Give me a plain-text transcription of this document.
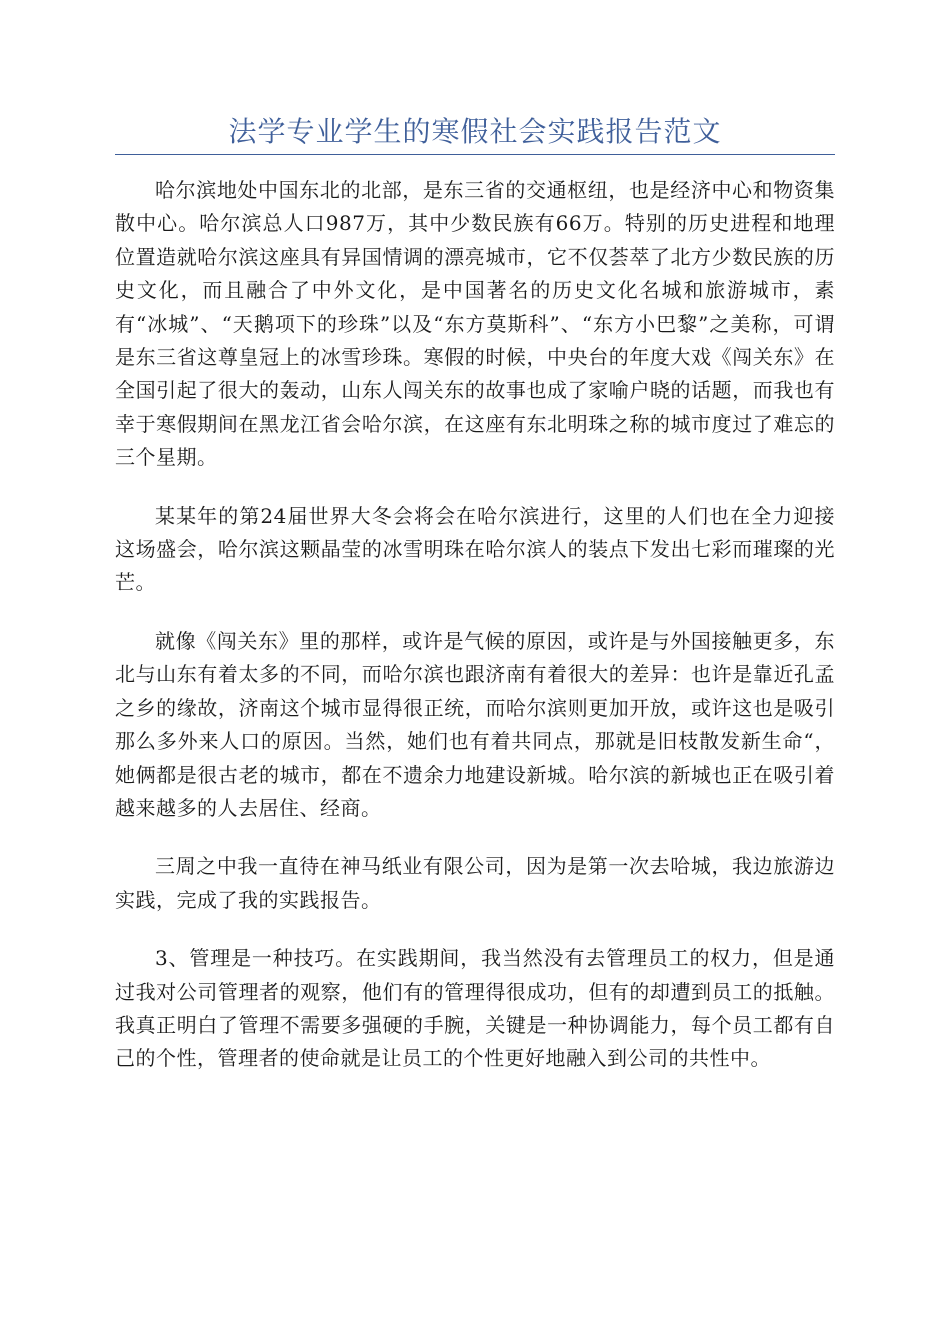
法学专业学生的寒假社会实践报告范文

哈尔滨地处中国东北的北部，是东三省的交通枢纽，也是经济中心和物资集散中心。哈尔滨总人口987万，其中少数民族有66万。特别的历史进程和地理位置造就哈尔滨这座具有异国情调的漂亮城市，它不仅荟萃了北方少数民族的历史文化，而且融合了中外文化，是中国著名的历史文化名城和旅游城市，素有“冰城”、“天鹅项下的珍珠”以及“东方莫斯科”、“东方小巴黎”之美称，可谓是东三省这尊皇冠上的冰雪珍珠。寒假的时候，中央台的年度大戏《闯关东》在全国引起了很大的轰动，山东人闯关东的故事也成了家喻户晓的话题，而我也有幸于寒假期间在黑龙江省会哈尔滨，在这座有东北明珠之称的城市度过了难忘的三个星期。

某某年的第24届世界大冬会将会在哈尔滨进行，这里的人们也在全力迎接这场盛会，哈尔滨这颗晶莹的冰雪明珠在哈尔滨人的装点下发出七彩而璀璨的光芒。

就像《闯关东》里的那样，或许是气候的原因，或许是与外国接触更多，东北与山东有着太多的不同，而哈尔滨也跟济南有着很大的差异：也许是靠近孔孟之乡的缘故，济南这个城市显得很正统，而哈尔滨则更加开放，或许这也是吸引那么多外来人口的原因。当然，她们也有着共同点，那就是旧枝散发新生命“，她俩都是很古老的城市，都在不遗余力地建设新城。哈尔滨的新城也正在吸引着越来越多的人去居住、经商。

三周之中我一直待在神马纸业有限公司，因为是第一次去哈城，我边旅游边实践，完成了我的实践报告。

3、管理是一种技巧。在实践期间，我当然没有去管理员工的权力，但是通过我对公司管理者的观察，他们有的管理得很成功，但有的却遭到员工的抵触。我真正明白了管理不需要多强硬的手腕，关键是一种协调能力，每个员工都有自己的个性，管理者的使命就是让员工的个性更好地融入到公司的共性中。
